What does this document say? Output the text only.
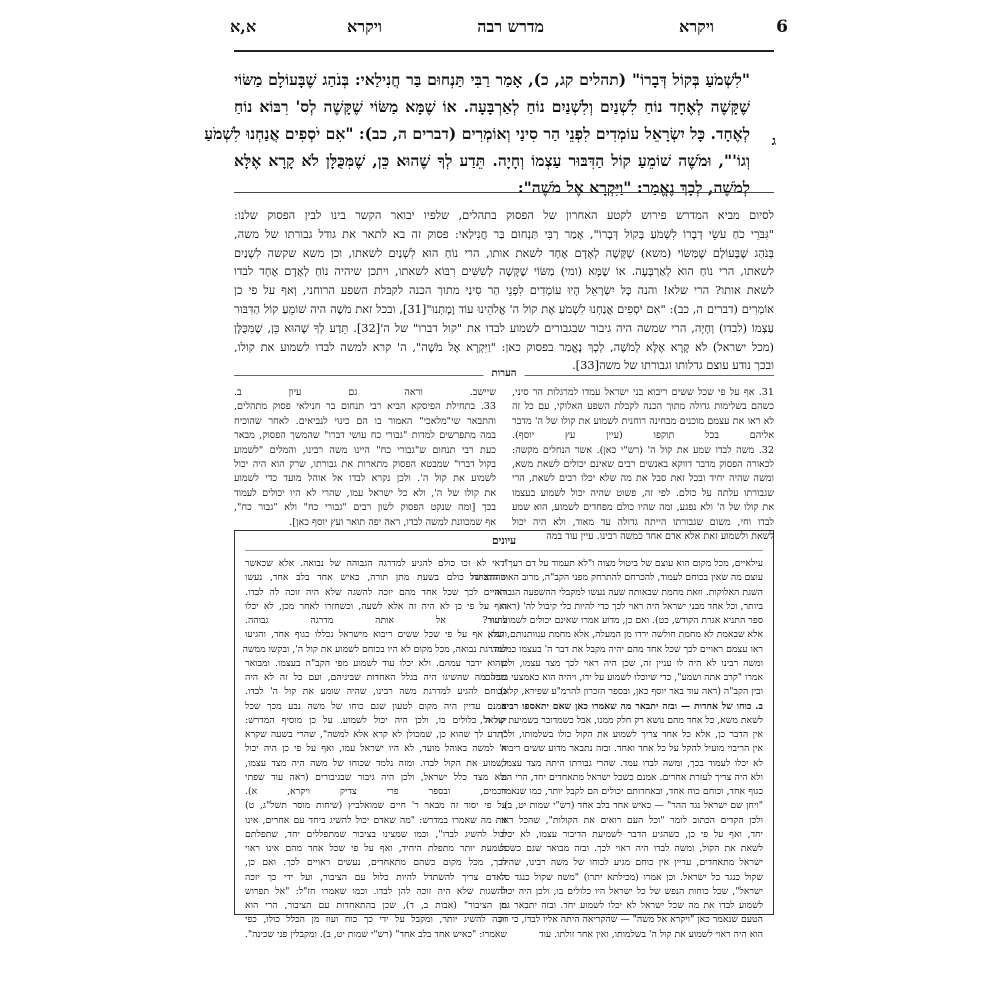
6
ויקרא
מדרש רבה
ויקרא
א,א

"לִשְׁמֹעַ בְּקוֹל דְּבָרוֹ" (תהלים קג, כ), אָמַר רַבִּי תַּנְחוּם בַּר חֲנִילַאי: בְּנֹהַג שֶׁבָּעוֹלָם מַשּׂוֹי

שֶׁקָּשֶׁה לְאֶחָד נוֹחַ לִשְׁנַיִם וְלִשְׁנַיִם נוֹחַ לְאַרְבָּעָה. אוֹ שֶׁמָּא מַשּׂוֹי שֶׁקָּשֶׁה לְס' רִבּוֹא נוֹחַ

לְאֶחָד. כָּל יִשְׂרָאֵל עוֹמְדִים לִפְנֵי הַר סִינַי וְאוֹמְרִים (דברים ה, כב): "אִם יֹסְפִים אֲנַחְנוּ לִשְׁמֹעַ

וְגוֹ'", וּמֹשֶׁה שׁוֹמֵעַ קוֹל הַדִּבּוּר עַצְמוֹ וְחָיָה. תֵּדַע לְךָ שֶׁהוּא כֵּן, שֶׁמִּכֻּלָּן לֹא קָרָא אֶלָּא

לְמֹשֶׁה, לְכָךְ נֶאֱמַר: "וַיִּקְרָא אֶל מֹשֶׁה":

ג

לסיום מביא המדרש פירוש לקטע האחרון של הפסוק בתהלים, שלפיו יבואר הקשר בינו לבין הפסוק שלנו:

"גִּבֹּרֵי כֹחַ עֹשֵׂי דְבָרוֹ לִשְׁמֹעַ בְּקוֹל דְּבָרוֹ", אָמַר רַבִּי תַּנְחוּם בַּר חֲנִילַאי: פסוק זה בא לתאר את גודל גבורתו של משה,

בְּנֹהַג שֶׁבָּעוֹלָם שֶׁמַּשּׂוֹי (משא) שֶׁקָּשֶׁה לְאָדָם אֶחָד לשאת אותו, הרי נוֹחַ הוּא לִשְׁנַיִם לשאתו, וכן משא שקשה לִשְׁנַיִם

לשאתו, הרי נוֹחַ הוא לְאַרְבָּעָה. אוֹ שֶׁמָּא (ומי) מַשּׂוֹי שֶׁקָּשֶׁה לְשִׁשִּׁים רִבּוֹא לשאתו, ויתכן שיהיה נוֹחַ לְאָדָם אֶחָד לבדו

לשאת אותו? הרי שלא! והנה כָּל יִשְׂרָאֵל הָיוּ עוֹמְדִים לִפְנֵי הַר סִינַי מתוך הכנה לקבלת השפע הרוחני, וְאף על פי כן

אוֹמְרִים (דברים ה, כב): "אִם יֹסְפִים אֲנַחְנוּ לִשְׁמֹעַ אֶת קוֹל ה' אֱלֹהֵינוּ עוֹד וָמָתְנוּ"[31], ובכל זאת מֹשֶׁה היה שׁוֹמֵעַ קוֹל הַדִּבּוּר

עַצְמוֹ (לבדו) וְחָיָה, הרי שמשה היה גיבור שבגבורים לשמוע לבדו את "קול דברו" של ה'[32]. תֵּדַע לְךָ שֶׁהוּא כֵּן, שֶׁמִּכֻּלָּן

(מכל ישראל) לֹא קָרָא אֶלָּא לְמֹשֶׁה, לְכָךְ נֶאֱמַר בפסוק כאן: "וַיִּקְרָא אֶל מֹשֶׁה", ה' קרא למשה לבדו לשמוע את קולו,

ובכך נודע עוצם גדלותו וגבורתו של משה[33].

הערות

31. אף על פי שכל ששים ריבוא בני ישראל עמדו למרגלות הר סיני,

כשהם בשלימות גדולה מתוך הכנה לקבלת השפע האלוקי, עם כל זה

לא ראו את עצמם מוכנים מבחינה רוחנית לשמוע את קולו של ה' מדבר

אליהם בכל תוקפו (עיין עץ יוסף).

32. משה לבדו שמע את קול ה' (רש"י כאן). אשר הנחלים מקשה:

לכאורה הפסוק מדבר דווקא באנשים רבים שאינם יכולים לשאת משא,

ומשה שהיה יחיד ובכל זאת סבל את מה שלא יכלו רבים לשאת, הרי

שגבורתו עלתה על כולם. לפי זה, פשוט שהיה יכול לשמוע בעצמו

את קולו של ה' ולא נפגע, ומה שהיו כולם מפחדים לשמוע, הוא שמע

לבדו וחי, משום שגבורתו הייתה גדולה עד מאוד, ולא היה יכול

לשאת ולשמוע זאת אלא אדם אחד כמשה רבינו. עיין עוד במה

שיישב. וראה גם עיון ב.

33. בתחילת הפיסקא הביא רבי תנחום בר חנילאי פסוק מתהלים,

והתבאר שי"מלאכי" האמור בו הם כינוי לנביאים. לאחר שהוכיח

במה מתפרשים למדות "גבורי כח עושי דברו" שהמשך הפסוק, מבאר

כעת רבי תנחום ש"גבורי כח" היינו משה רבינו, והמלים "לשמוע

בקול דברו" שמבטא הפסוק מתארות את גבורתו, שרק הוא היה יכול

לשמוע את קול ה'. ולכן נקרא לבדו אל אוהל מועד כדי לשמוע

את קולו של ה', ולא כל ישראל עמו, שהרי לא היו יכולים לעמוד

בכך [ומה שנקט הפסוק לשון רבים "גבורי כח" ולא "גבור כח",

אף שמכוונת למשה לבדו, ראה יפה תואר ועץ יוסף כאן].

עיונים

עילאיים, מכל מקום הוא עוצם של ביטול מצוה ו"לא תעמוד על דם רעך".

עוצם מה שאין בכוחם לעמוד, להכרחם להתרחק מפני הקב"ה, מרוב האור הרב של

השגת האלוקות. וזאת מחמת שבאותה שעה נעשו למקבלי ההשפעה הגבוהה

ביותר, וכל אחד מבני ישראל היה ראוי לכך כדי להיות כלי קיבול לה' (ראה

ספר התניא אגרת הקודש, כט). ואם כן, מדוע אמרו שאינם יכולים לשמוע עוד?

אלא שבאמת לא מחמת חולשה ירדו מן המעלה, אלא מחמת ענוותנותם, שלא

ראו עצמם ראויים לכך שכל אחד מהם יהיה מקבל את דבר ה' בעצמו כמשה.

ומשה רבינו לא היה לו עניין זה, שכן היה ראוי לכך מצד עצמו, ולכן

אמרו "קרב אתה ושמע", כדי שיוכלו לשמוע על ידו, ויהיה הוא כאמצעי ביניהם

ובין הקב"ה (ראה עוד באר יוסף כאן, ובספר הזכרון להרמ"ע שפירא, קלא).

ב. כוחו של אחדות — ובזה יתבאר מה שאמרו כאן שאם יתאספו רבים

לשאת משא, כל אחד מהם נושא רק חלק ממנו, אבל כשמדובר בשמיעת קול ה',

אין הדבר כן, אלא כל אחד צריך לשמוע את הקול כולו בשלמותו, ולכן

אין הריבוי מועיל להקל על כל אחד ואחד. ובזה נתבאר מדוע ששים ריבוא

לא יכלו לעמוד בכך, ומשה לבדו עמד. שהרי גבורתו היתה מצד עצמו,

ולא היה צריך לעזרת אחרים. אמנם כשכל ישראל מתאחדים יחד, הרי הם

כגוף אחד, וכוחם כוח אחד, ובאחדותם יכולים הם לקבל יותר, כמו שנאמר

"ויחן שם ישראל נגד ההר" — כאיש אחד בלב אחד (רש"י שמות יט, ב).

ולכן הקדים הכתוב לומר "וכל העם רואים את הקולות", שהכל ראו

יחד, ואף על פי כן, כשהגיע הדבר לשמיעת הדיבור עצמו, לא יכלו

לשאת את הקול, ומשה לבדו היה ראוי לכך. ובזה מבואר שגם כשכל

ישראל מתאחדים, עדיין אין כוחם מגיע לכוחו של משה רבינו, שהיה

שקול כנגד כל ישראל. וכן אמרו (מכילתא יתרו) "משה שקול כנגד כל

ישראל", שכל כוחות הנפש של כל ישראל היו כלולים בו, ולכן היה יכול

לשמוע לבדו את מה שכל ישראל לא יכלו לשמוע יחד. ובזה יתבאר גם

הטעם שנאמר כאן "ויקרא אל משה" — שהקריאה היתה אליו לבדו, כי רק

הוא היה ראוי לשמוע את קול ה' בשלמותו, ואין אחר זולתו. עוד

ודאי לא זכו כולם להגיע למדרגה הגבוהה של נבואה. אלא שכאשר

שהתאחדו כולם בשעת מתן תורה, כאיש אחד בלב אחד, נעשו

ראויים לכך שכל אחד מהם יזכה להשגה שלא היה זוכה לה לבדו.

ואף על פי כן לא היה זה אלא לשעה, וכשחזרו לאחר מכן, לא יכלו

לחזור אל אותה מדרגה גבוהה.

והנה, אף על פי שכל ששים ריבוא מישראל נכללו כגוף אחד, והגיעו

למדרגת נבואה, מכל מקום לא היו בכוחם לשמוע את קול ה', ובקשו ממשה

שהוא ידבר עמהם. ולא יכלו עוד לשמוע מפי הקב"ה בעצמו. ומבואר

שכל מה שהשיגו היה בגלל האחדות שביניהם, ועם כל זה לא היה

בכוחם להגיע למדרגת משה רבינו, שהיה שומע את קול ה' לבדו.

אמנם עדיין היה מקום לטעון שגם כוחו של משה נבע מכך שכל

ישראל כלולים בו, ולכן היה יכול לשמוע. על כן מוסיף המדרש:

"תדע לך שהוא כן, שמכולן לא קרא אלא למשה", שהרי בשעה שקרא

ה' למשה באוהל מועד, לא היו ישראל עמו, ואף על פי כן היה יכול

לשמוע את הקול לבדו. ומזה נלמד שכוחו של משה היה מצד עצמו,

ולא מצד כלל ישראל, ולכן היה גיבור שבגיבורים (ראה עוד שפתי

חכמים, ובספר פרי צדיק ויקרא, א).

על פי יסוד זה מבאר ר' חיים שמואלביץ (שיחות מוסר תשל"ג, ט)

את מה שאמרו במדרש: "מה שאדם יכול להשיג ביחד עם אחרים, אינו

יכול להשיג לבדו", וכמו שמצינו בציבור שמתפללים יחד, שתפלתם

נשמעת יותר מתפלת היחיד, ואף על פי שכל אחד מהם אינו ראוי

לכך, מכל מקום כשהם מתאחדים, נעשים ראויים לכך. ואם כן,

האדם צריך להשתדל להיות כלול עם הציבור, ועל ידי כך יזכה

להשגות שלא היה זוכה להן לבדו. וכמו שאמרו חז"ל: "אל תפרוש

מן הציבור" (אבות ב, ד), שכן בהתאחדות עם הציבור, הרי הוא

זוכה להשיג יותר, ומקבל על ידי כך כוח ועוז מן הכלל כולו, כפי

שאמרו: "כאיש אחד בלב אחד" (רש"י שמות יט, ב). ומקבלין פני שכינה".
